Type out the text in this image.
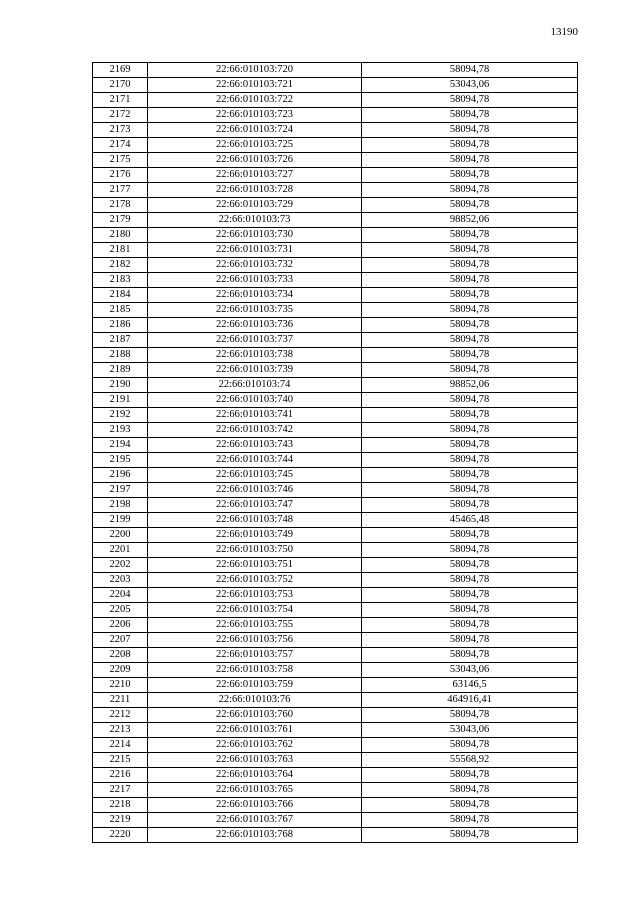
13190
2169	22:66:010103:720	58094,78
2170	22:66:010103:721	53043,06
2171	22:66:010103:722	58094,78
2172	22:66:010103:723	58094,78
2173	22:66:010103:724	58094,78
2174	22:66:010103:725	58094,78
2175	22:66:010103:726	58094,78
2176	22:66:010103:727	58094,78
2177	22:66:010103:728	58094,78
2178	22:66:010103:729	58094,78
2179	22:66:010103:73	98852,06
2180	22:66:010103:730	58094,78
2181	22:66:010103:731	58094,78
2182	22:66:010103:732	58094,78
2183	22:66:010103:733	58094,78
2184	22:66:010103:734	58094,78
2185	22:66:010103:735	58094,78
2186	22:66:010103:736	58094,78
2187	22:66:010103:737	58094,78
2188	22:66:010103:738	58094,78
2189	22:66:010103:739	58094,78
2190	22:66:010103:74	98852,06
2191	22:66:010103:740	58094,78
2192	22:66:010103:741	58094,78
2193	22:66:010103:742	58094,78
2194	22:66:010103:743	58094,78
2195	22:66:010103:744	58094,78
2196	22:66:010103:745	58094,78
2197	22:66:010103:746	58094,78
2198	22:66:010103:747	58094,78
2199	22:66:010103:748	45465,48
2200	22:66:010103:749	58094,78
2201	22:66:010103:750	58094,78
2202	22:66:010103:751	58094,78
2203	22:66:010103:752	58094,78
2204	22:66:010103:753	58094,78
2205	22:66:010103:754	58094,78
2206	22:66:010103:755	58094,78
2207	22:66:010103:756	58094,78
2208	22:66:010103:757	58094,78
2209	22:66:010103:758	53043,06
2210	22:66:010103:759	63146,5
2211	22:66:010103:76	464916,41
2212	22:66:010103:760	58094,78
2213	22:66:010103:761	53043,06
2214	22:66:010103:762	58094,78
2215	22:66:010103:763	55568,92
2216	22:66:010103:764	58094,78
2217	22:66:010103:765	58094,78
2218	22:66:010103:766	58094,78
2219	22:66:010103:767	58094,78
2220	22:66:010103:768	58094,78
